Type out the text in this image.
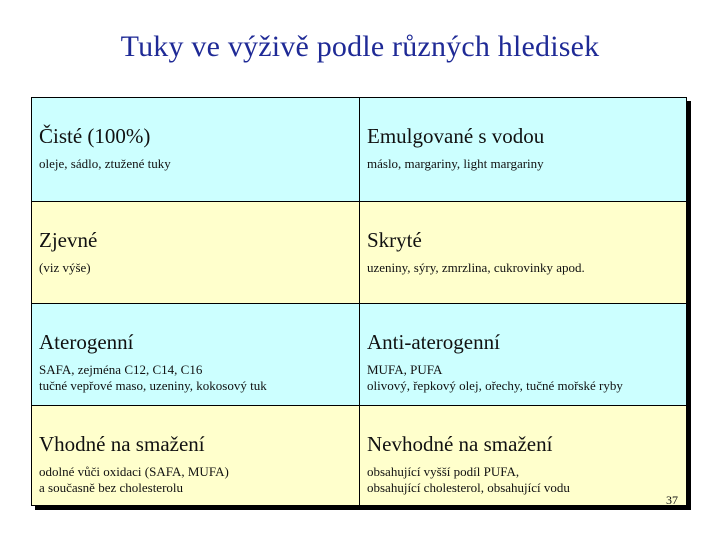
Tuky ve výživě podle různých hledisek
Čisté (100%)
oleje, sádlo, ztužené tuky
Emulgované s vodou
máslo, margariny, light margariny
Zjevné
(viz výše)
Skryté
uzeniny, sýry, zmrzlina, cukrovinky apod.
Aterogenní
SAFA, zejména C12, C14, C16
tučné vepřové maso, uzeniny, kokosový tuk
Anti-aterogenní
MUFA, PUFA
olivový, řepkový olej, ořechy, tučné mořské ryby
Vhodné na smažení
odolné vůči oxidaci (SAFA, MUFA)
a současně bez cholesterolu
Nevhodné na smažení
obsahující vyšší podíl PUFA,
obsahující cholesterol, obsahující vodu
37
